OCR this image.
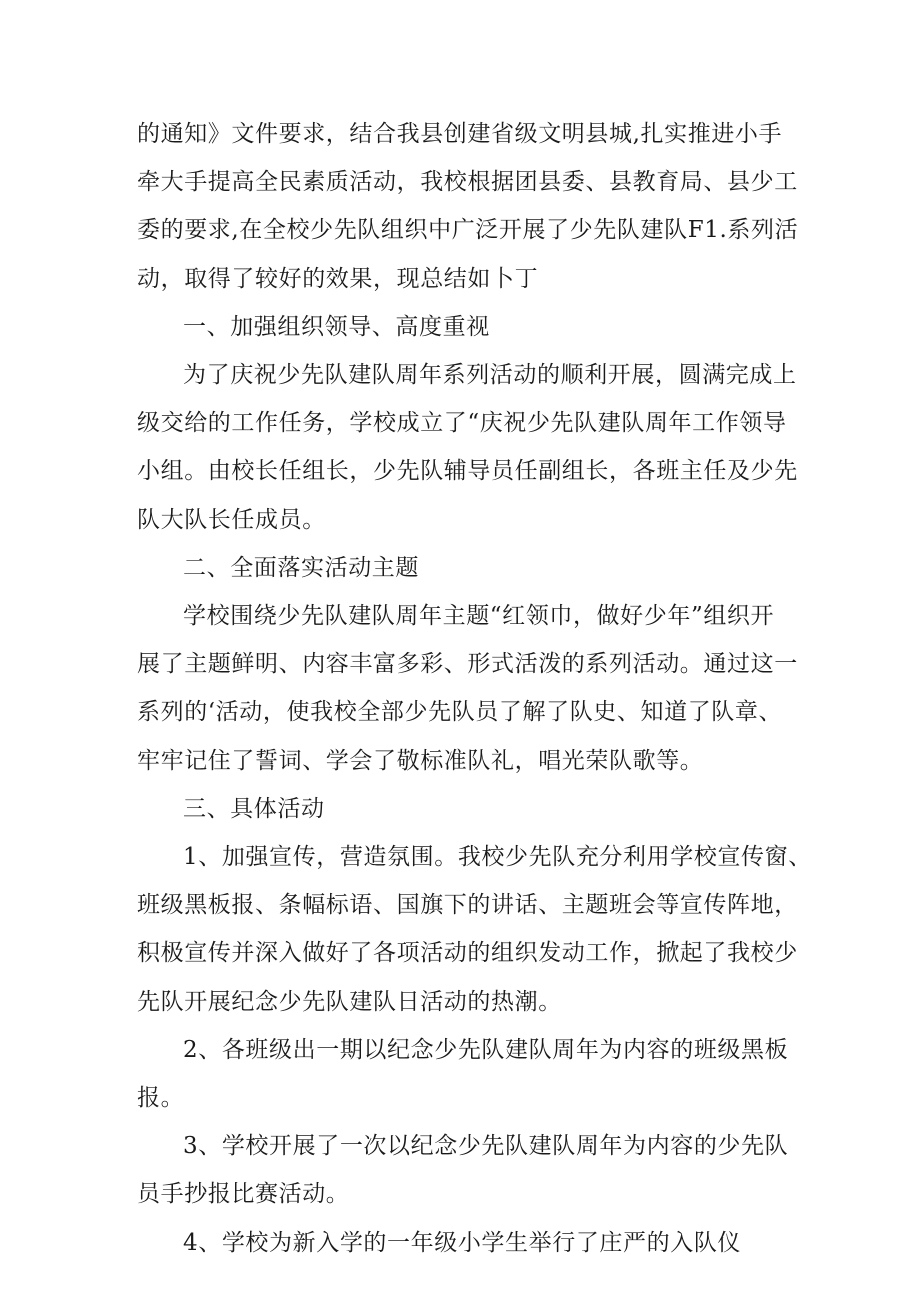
的通知》文件要求，结合我县创建省级文明县城,扎实推进小手
牵大手提高全民素质活动，我校根据团县委、县教育局、县少工
委的要求,在全校少先队组织中广泛开展了少先队建队F1.系列活
动，取得了较好的效果，现总结如卜丁
一、加强组织领导、高度重视
为了庆祝少先队建队周年系列活动的顺利开展，圆满完成上
级交给的工作任务，学校成立了“庆祝少先队建队周年工作领导
小组。由校长任组长，少先队辅导员任副组长，各班主任及少先
队大队长任成员。
二、全面落实活动主题
学校围绕少先队建队周年主题“红领巾，做好少年”组织开
展了主题鲜明、内容丰富多彩、形式活泼的系列活动。通过这一
系列的‘活动，使我校全部少先队员了解了队史、知道了队章、
牢牢记住了誓词、学会了敬标准队礼，唱光荣队歌等。
三、具体活动
1、加强宣传，营造氛围。我校少先队充分利用学校宣传窗、
班级黑板报、条幅标语、国旗下的讲话、主题班会等宣传阵地，
积极宣传并深入做好了各项活动的组织发动工作，掀起了我校少
先队开展纪念少先队建队日活动的热潮。
2、各班级出一期以纪念少先队建队周年为内容的班级黑板
报。
3、学校开展了一次以纪念少先队建队周年为内容的少先队
员手抄报比赛活动。
4、学校为新入学的一年级小学生举行了庄严的入队仪
